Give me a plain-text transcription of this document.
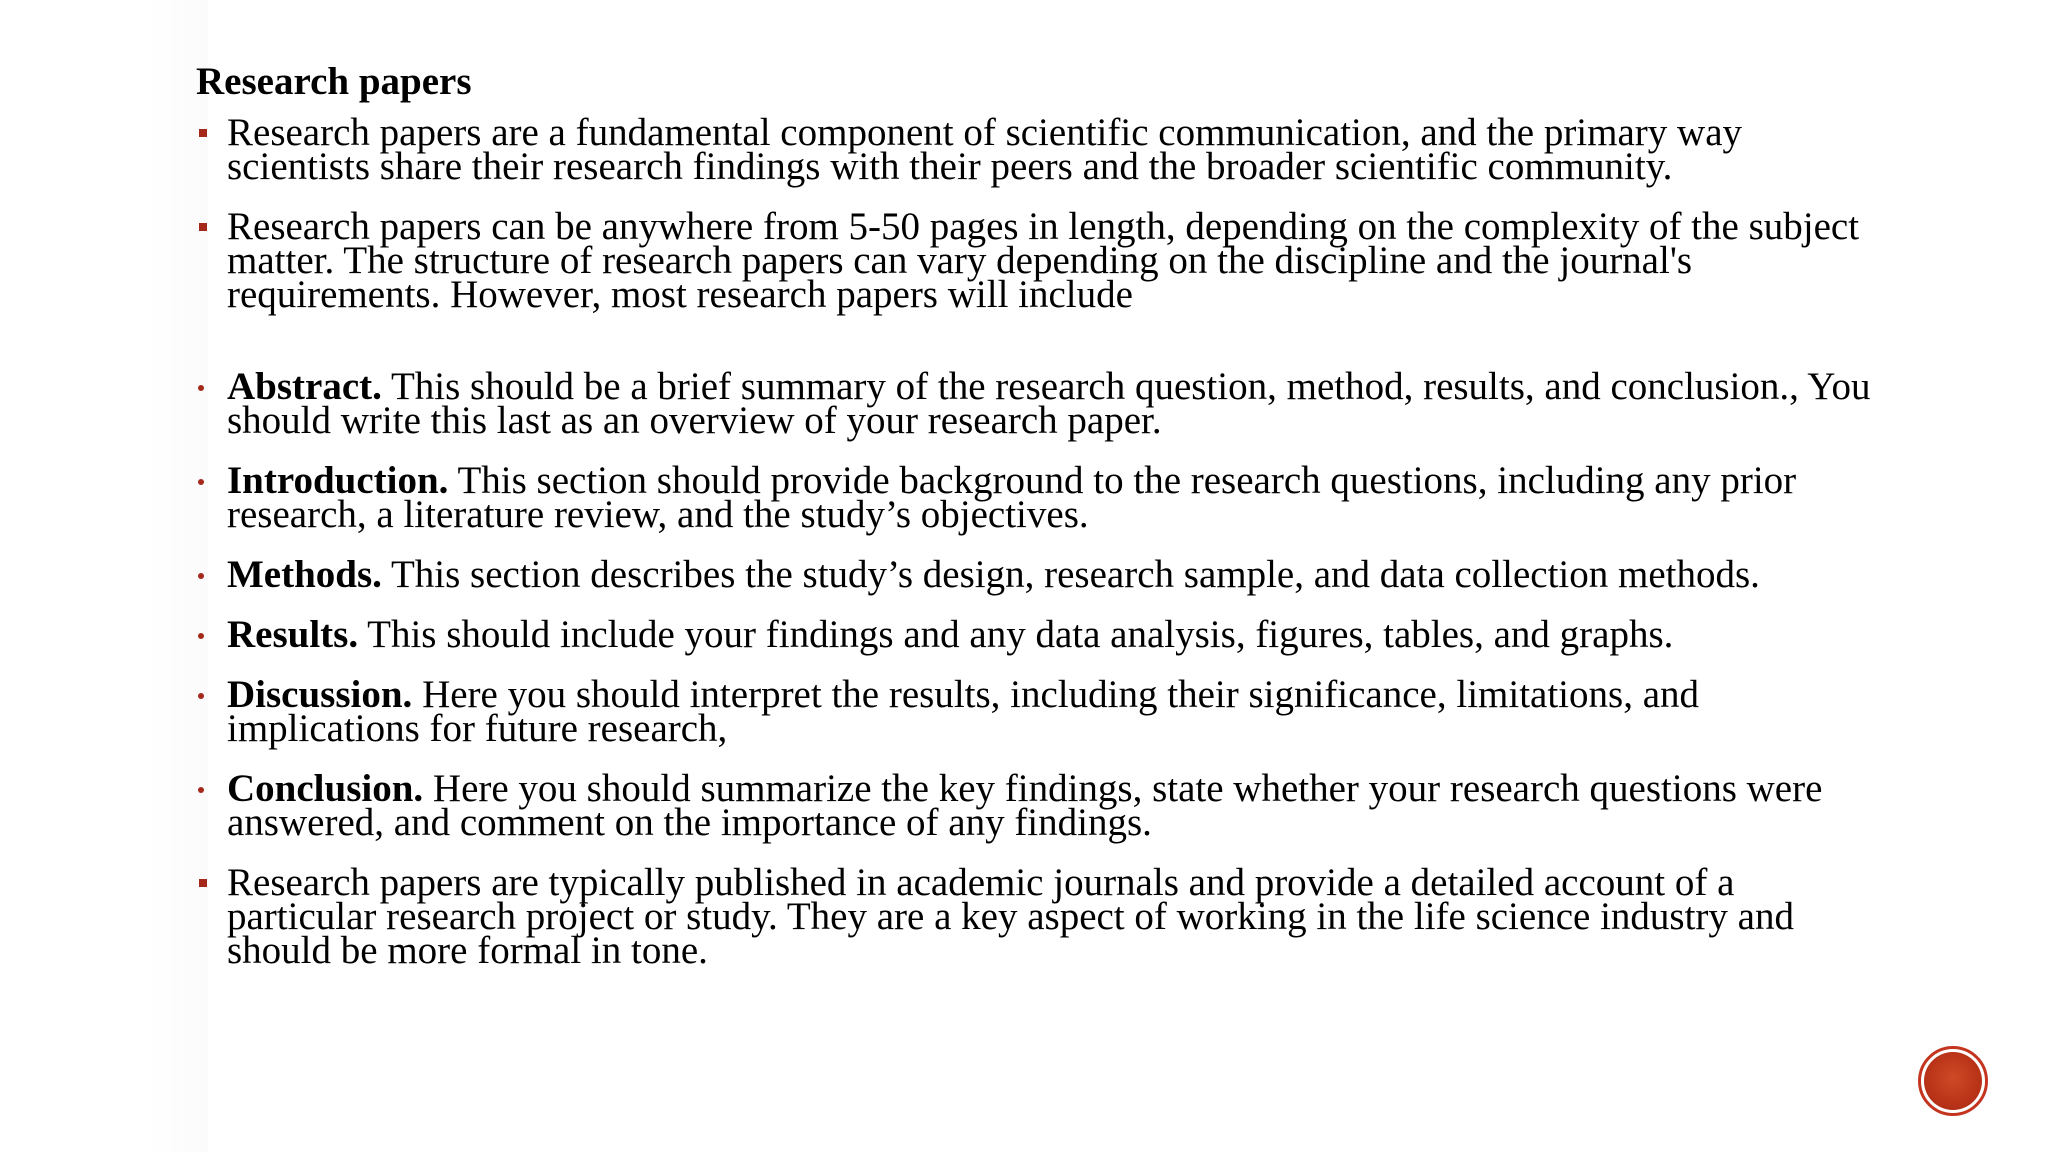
Research papers
Research papers are a fundamental component of scientific communication, and the primary way scientists share their research findings with their peers and the broader scientific community.
Research papers can be anywhere from 5-50 pages in length, depending on the complexity of the subject matter. The structure of research papers can vary depending on the discipline and the journal's requirements. However, most research papers will include
Abstract. This should be a brief summary of the research question, method, results, and conclusion., You should write this last as an overview of your research paper.
Introduction. This section should provide background to the research questions, including any prior research, a literature review, and the study’s objectives.
Methods. This section describes the study’s design, research sample, and data collection methods.
Results. This should include your findings and any data analysis, figures, tables, and graphs.
Discussion. Here you should interpret the results, including their significance, limitations, and implications for future research,
Conclusion. Here you should summarize the key findings, state whether your research questions were answered, and comment on the importance of any findings.
Research papers are typically published in academic journals and provide a detailed account of a particular research project or study. They are a key aspect of working in the life science industry and should be more formal in tone.
